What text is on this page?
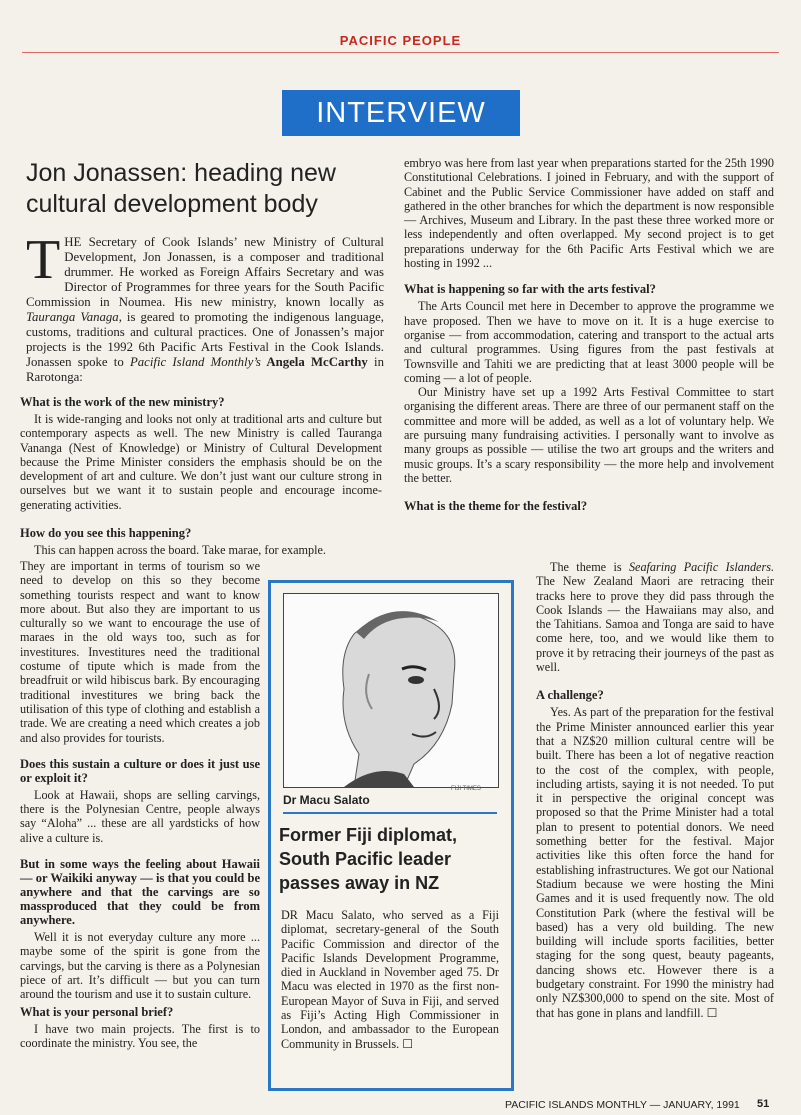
PACIFIC PEOPLE
INTERVIEW
Jon Jonassen: heading new cultural development body
THE Secretary of Cook Islands’ new Ministry of Cultural Development, Jon Jonassen, is a composer and traditional drummer. He worked as Foreign Affairs Secretary and was Director of Programmes for three years for the South Pacific Commission in Noumea. His new ministry, known locally as Tauranga Vanaga, is geared to promoting the indigenous language, customs, traditions and cultural practices. One of Jonassen’s major projects is the 1992 6th Pacific Arts Festival in the Cook Islands. Jonassen spoke to Pacific Island Monthly’s Angela McCarthy in Rarotonga:
What is the work of the new ministry?

It is wide-ranging and looks not only at traditional arts and culture but contemporary aspects as well. The new Ministry is called Tauranga Vananga (Nest of Knowledge) or Ministry of Cultural Development because the Prime Minister considers the emphasis should be on the development of art and culture. We don’t just want our culture strong in ourselves but we want it to sustain people and encourage income-generating activities.

How do you see this happening?

This can happen across the board. Take marae, for example.

They are important in terms of tourism so we need to develop on this so they become something tourists respect and want to know more about. But also they are important to us culturally so we want to encourage the use of maraes in the old ways too, such as for investitures. Investitures need the traditional costume of tipute which is made from the breadfruit or wild hibiscus bark. By encouraging traditional investitures we bring back the utilisation of this type of clothing and establish a trade. We are creating a need which creates a job and also provides for tourists.

Does this sustain a culture or does it just use or exploit it?

Look at Hawaii, shops are selling carvings, there is the Polynesian Centre, people always say “Aloha” ... these are all yardsticks of how alive a culture is.

But in some ways the feeling about Hawaii — or Waikiki anyway — is that you could be anywhere and that the carvings are so massproduced that they could be from anywhere.

Well it is not everyday culture any more ... maybe some of the spirit is gone from the carvings, but the carving is there as a Polynesian piece of art. It’s difficult — but you can turn around the tourism and use it to sustain culture.

What is your personal brief?

I have two main projects. The first is to coordinate the ministry. You see, the

embryo was here from last year when preparations started for the 25th 1990 Constitutional Celebrations. I joined in February, and with the support of Cabinet and the Public Service Commissioner have added on staff and gathered in the other branches for which the department is now responsible — Archives, Museum and Library. In the past these three worked more or less independently and often overlapped. My second project is to get preparations underway for the 6th Pacific Arts Festival which we are hosting in 1992 ...

What is happening so far with the arts festival?

The Arts Council met here in December to approve the programme we have proposed. Then we have to move on it. It is a huge exercise to organise — from accommodation, catering and transport to the actual arts and cultural programmes. Using figures from the past festivals at Townsville and Tahiti we are predicting that at least 3000 people will be coming — a lot of people.

Our Ministry have set up a 1992 Arts Festival Committee to start organising the different areas. There are three of our permanent staff on the committee and more will be added, as well as a lot of voluntary help. We are pursuing many fundraising activities. I personally want to involve as many groups as possible — utilise the two art groups and the writers and music groups. It’s a scary responsibility — the more help and involvement the better.

What is the theme for the festival?

The theme is Seafaring Pacific Islanders. The New Zealand Maori are retracing their tracks here to prove they did pass through the Cook Islands — the Hawaiians may also, and the Tahitians. Samoa and Tonga are said to have come here, too, and we would like them to prove it by retracing their journeys of the past as well.

A challenge?

Yes. As part of the preparation for the festival the Prime Minister announced earlier this year that a NZ$20 million cultural centre will be built. There has been a lot of negative reaction to the cost of the complex, with people, including artists, saying it is not needed. To put it in perspective the original concept was proposed so that the Prime Minister had a total plan to present to potential donors. We need something better for the festival. Major activities like this often force the hand for establishing infrastructures. We got our National Stadium because we were hosting the Mini Games and it is used frequently now. The old Constitution Park (where the festival will be based) has a very old building. The new building will include sports facilities, better staging for the song quest, beauty pageants, dancing shows etc. However there is a budgetary constraint. For 1990 the ministry had only NZ$300,000 to spend on the site. Most of that has gone in plans and landfill. ☐

FIJI TIMES
Dr Macu Salato
Former Fiji diplomat, South Pacific leader passes away in NZ
DR Macu Salato, who served as a Fiji diplomat, secretary-general of the South Pacific Commission and director of the Pacific Islands Development Programme, died in Auckland in November aged 75. Dr Macu was elected in 1970 as the first non-European Mayor of Suva in Fiji, and served as Fiji’s Acting High Commissioner in London, and ambassador to the European Community in Brussels. ☐
PACIFIC ISLANDS MONTHLY — JANUARY, 1991 51
